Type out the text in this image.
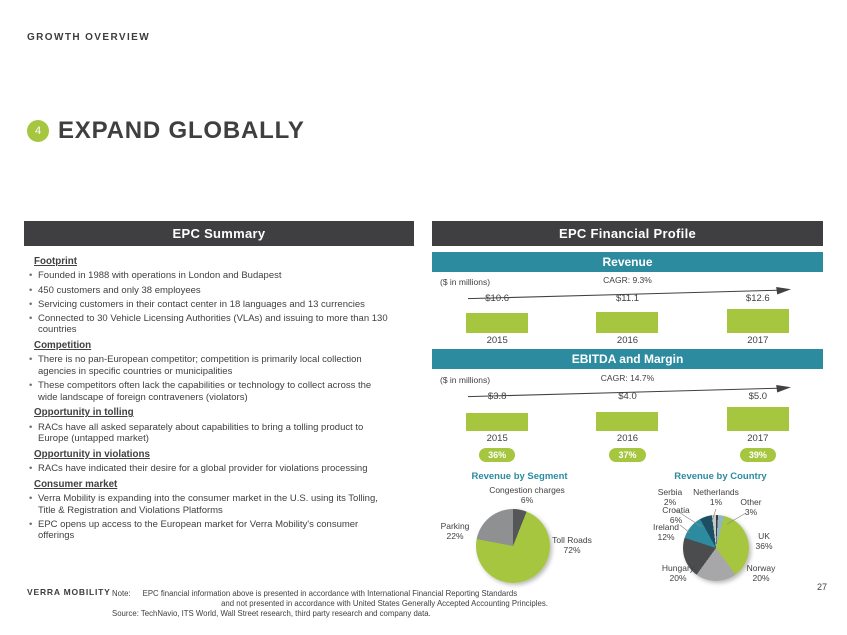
GROWTH OVERVIEW
4 EXPAND GLOBALLY
EPC Summary
Footprint
• Founded in 1988 with operations in London and Budapest
• 450 customers and only 38 employees
• Servicing customers in their contact center in 18 languages and 13 currencies
• Connected to 30 Vehicle Licensing Authorities (VLAs) and issuing to more than 130 countries
Competition
• There is no pan-European competitor; competition is primarily local collection agencies in specific countries or municipalities
• These competitors often lack the capabilities or technology to collect across the wide landscape of foreign contraveners (violators)
Opportunity in tolling
• RACs have all asked separately about capabilities to bring a tolling product to Europe (untapped market)
Opportunity in violations
• RACs have indicated their desire for a global provider for violations processing
Consumer market
• Verra Mobility is expanding into the consumer market in the U.S. using its Tolling, Title & Registration and Violations Platforms
• EPC opens up access to the European market for Verra Mobility's consumer offerings
EPC Financial Profile
Revenue
($ in millions)	CAGR: 9.3%
$10.6
2015
$11.1
2016
$12.6
2017
EBITDA and Margin
($ in millions)	CAGR: 14.7%
$3.8
2015
36%
$4.0
2016
37%
$5.0
2017
39%
Revenue by Segment
Congestion charges
6%
Parking
22%	Toll Roads
72%
Revenue by Country
Serbia
2%
Netherlands
1%	Other
3%
Croatia
6%
Ireland
12%	UK
36%
Hungary
20%
Norway
20%
VERRA MOBILITY Note: EPC financial information above is presented in accordance with International Financial Reporting Standards
and not presented in accordance with United States Generally Accepted Accounting Principles.
Source: TechNavio, ITS World, Wall Street research, third party research and company data.
27
